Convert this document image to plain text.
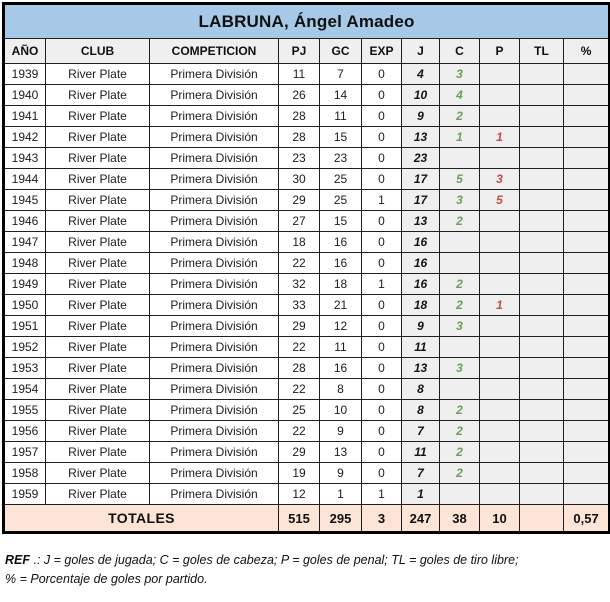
LABRUNA, Ángel Amadeo										
AÑO	CLUB	COMPETICION	PJ	GC	EXP	J	C	P	TL	%
1939	River Plate	Primera División	11	7	0	4	3			
1940	River Plate	Primera División	26	14	0	10	4			
1941	River Plate	Primera División	28	11	0	9	2			
1942	River Plate	Primera División	28	15	0	13	1	1		
1943	River Plate	Primera División	23	23	0	23				
1944	River Plate	Primera División	30	25	0	17	5	3		
1945	River Plate	Primera División	29	25	1	17	3	5		
1946	River Plate	Primera División	27	15	0	13	2			
1947	River Plate	Primera División	18	16	0	16				
1948	River Plate	Primera División	22	16	0	16				
1949	River Plate	Primera División	32	18	1	16	2			
1950	River Plate	Primera División	33	21	0	18	2	1		
1951	River Plate	Primera División	29	12	0	9	3			
1952	River Plate	Primera División	22	11	0	11				
1953	River Plate	Primera División	28	16	0	13	3			
1954	River Plate	Primera División	22	8	0	8				
1955	River Plate	Primera División	25	10	0	8	2			
1956	River Plate	Primera División	22	9	0	7	2			
1957	River Plate	Primera División	29	13	0	11	2			
1958	River Plate	Primera División	19	9	0	7	2			
1959	River Plate	Primera División	12	1	1	1				
TOTALES			515	295	3	247	38	10		0,57
REF .: J = goles de jugada; C = goles de cabeza; P = goles de penal; TL = goles de tiro libre;
% = Porcentaje de goles por partido.
